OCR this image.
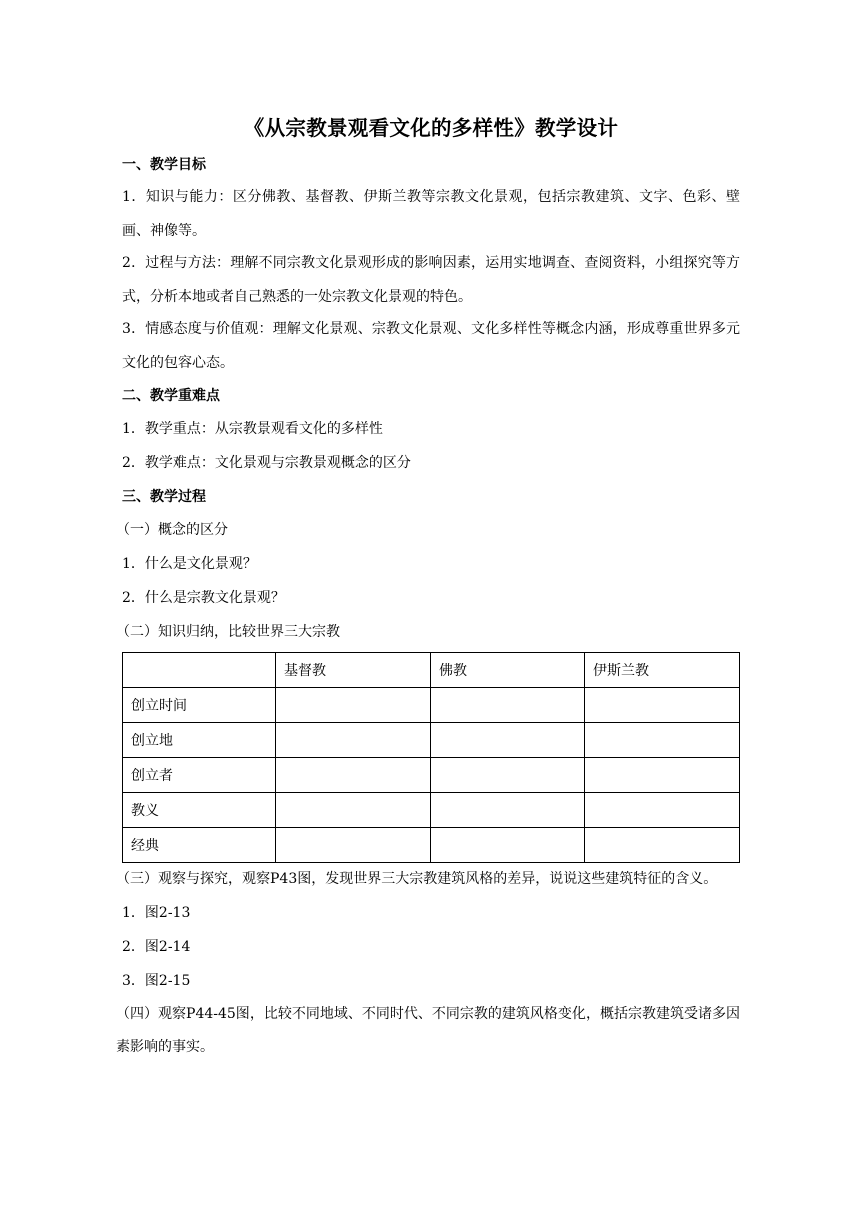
《从宗教景观看文化的多样性》教学设计
一、教学目标
1．知识与能力：区分佛教、基督教、伊斯兰教等宗教文化景观，包括宗教建筑、文字、色彩、壁画、神像等。
2．过程与方法：理解不同宗教文化景观形成的影响因素，运用实地调查、查阅资料，小组探究等方式，分析本地或者自己熟悉的一处宗教文化景观的特色。
3．情感态度与价值观：理解文化景观、宗教文化景观、文化多样性等概念内涵，形成尊重世界多元文化的包容心态。
二、教学重难点
1．教学重点：从宗教景观看文化的多样性
2．教学难点：文化景观与宗教景观概念的区分
三、教学过程
（一）概念的区分
1．什么是文化景观？
2．什么是宗教文化景观？
（二）知识归纳，比较世界三大宗教
	基督教	佛教	伊斯兰教
创立时间			
创立地			
创立者			
教义			
经典			
（三）观察与探究，观察P43图，发现世界三大宗教建筑风格的差异，说说这些建筑特征的含义。
1．图2-13
2．图2-14
3．图2-15
（四）观察P44-45图，比较不同地域、不同时代、不同宗教的建筑风格变化，概括宗教建筑受诸多因素影响的事实。
